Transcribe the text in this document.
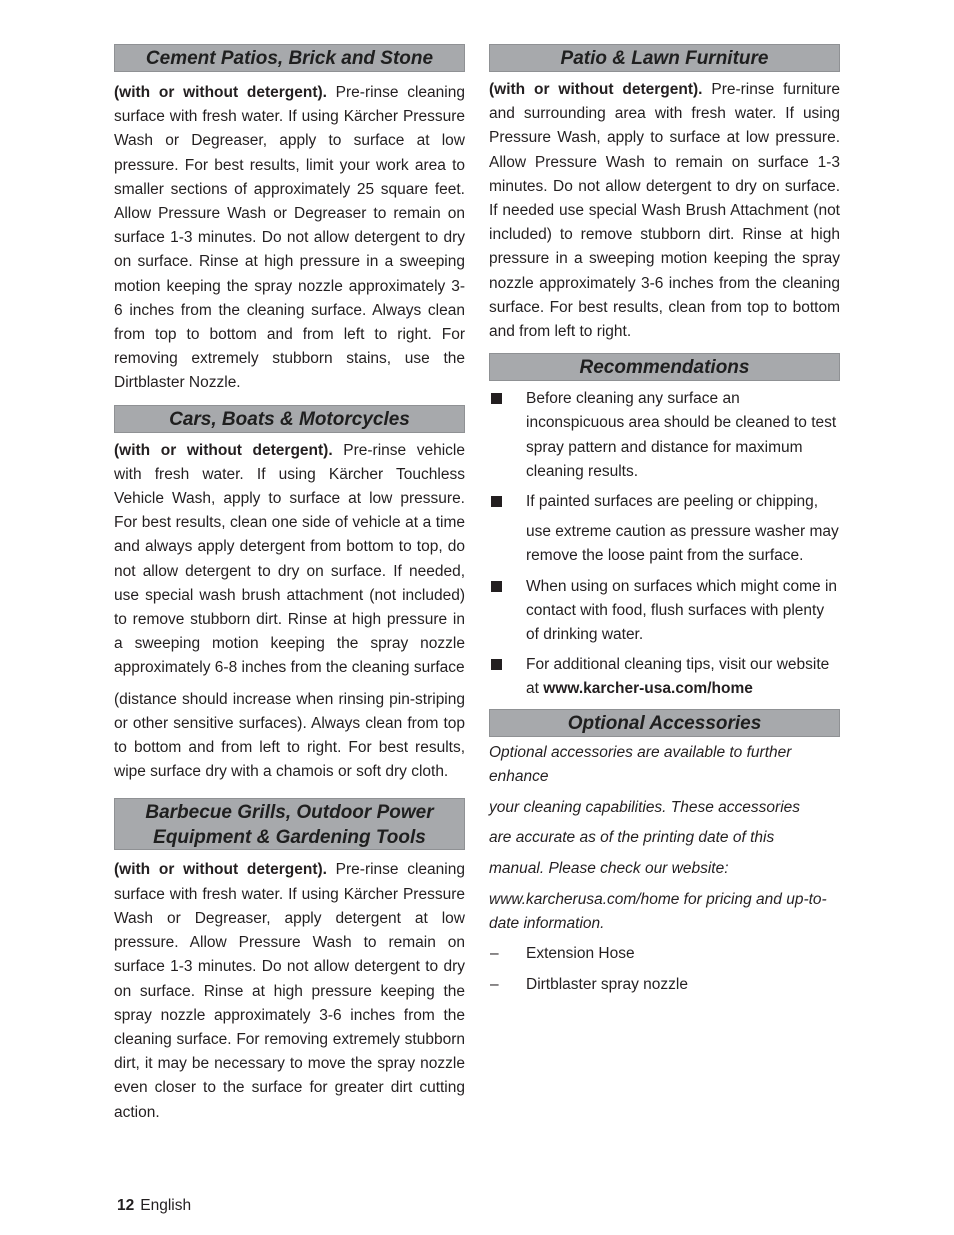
Cement Patios, Brick and Stone

(with or without detergent). Pre-rinse cleaning surface with fresh water. If using Kärcher Pressure Wash or Degreaser, apply to surface at low pressure. For best results, limit your work area to smaller sections of approximately 25 square feet. Allow Pressure Wash or Degreaser to remain on surface 1-3 minutes. Do not allow detergent to dry on surface. Rinse at high pressure in a sweeping motion keeping the spray nozzle approximately 3- 6 inches from the cleaning surface. Always clean from top to bottom and from left to right. For removing extremely stubborn stains, use the Dirtblaster Nozzle.

Cars, Boats & Motorcycles

(with or without detergent). Pre-rinse vehicle with fresh water. If using Kärcher Touchless Vehicle Wash, apply to surface at low pressure. For best results, clean one side of vehicle at a time and always apply detergent from bottom to top, do not allow detergent to dry on surface. If needed, use special wash brush attachment (not included) to remove stubborn dirt. Rinse at high pressure in a sweeping motion keeping the spray nozzle approximately 6-8 inches from the cleaning surface

(distance should increase when rinsing pin-striping or other sensitive surfaces). Always clean from top to bottom and from left to right. For best results, wipe surface dry with a chamois or soft dry cloth.

Barbecue Grills, Outdoor Power
Equipment & Gardening Tools

(with or without detergent). Pre-rinse cleaning surface with fresh water. If using Kärcher Pressure Wash or Degreaser, apply detergent at low pressure. Allow Pressure Wash to remain on surface 1-3 minutes. Do not allow detergent to dry on surface. Rinse at high pressure keeping the spray nozzle approximately 3-6 inches from the cleaning surface. For removing extremely stubborn dirt, it may be necessary to move the spray nozzle even closer to the surface for greater dirt cutting action.

Patio & Lawn Furniture

(with or without detergent). Pre-rinse furniture and surrounding area with fresh water. If using Pressure Wash, apply to surface at low pressure. Allow Pressure Wash to remain on surface 1-3 minutes. Do not allow detergent to dry on surface. If needed use special Wash Brush Attachment (not included) to remove stubborn dirt. Rinse at high pressure in a sweeping motion keeping the spray nozzle approximately 3-6 inches from the cleaning surface. For best results, clean from top to bottom and from left to right.

Recommendations

Before cleaning any surface an inconspicuous area should be cleaned to test spray pattern and distance for maximum cleaning results.

If painted surfaces are peeling or chipping,

use extreme caution as pressure washer may remove the loose paint from the surface.

When using on surfaces which might come in contact with food, flush surfaces with plenty of drinking water.

For additional cleaning tips, visit our website at www.karcher-usa.com/home

Optional Accessories

Optional accessories are available to further enhance

your cleaning capabilities. These accessories

are accurate as of the printing date of this

manual. Please check our website:

www.karcherusa.com/home for pricing and up-to-date information.

– Extension Hose
– Dirtblaster spray nozzle
12 English
